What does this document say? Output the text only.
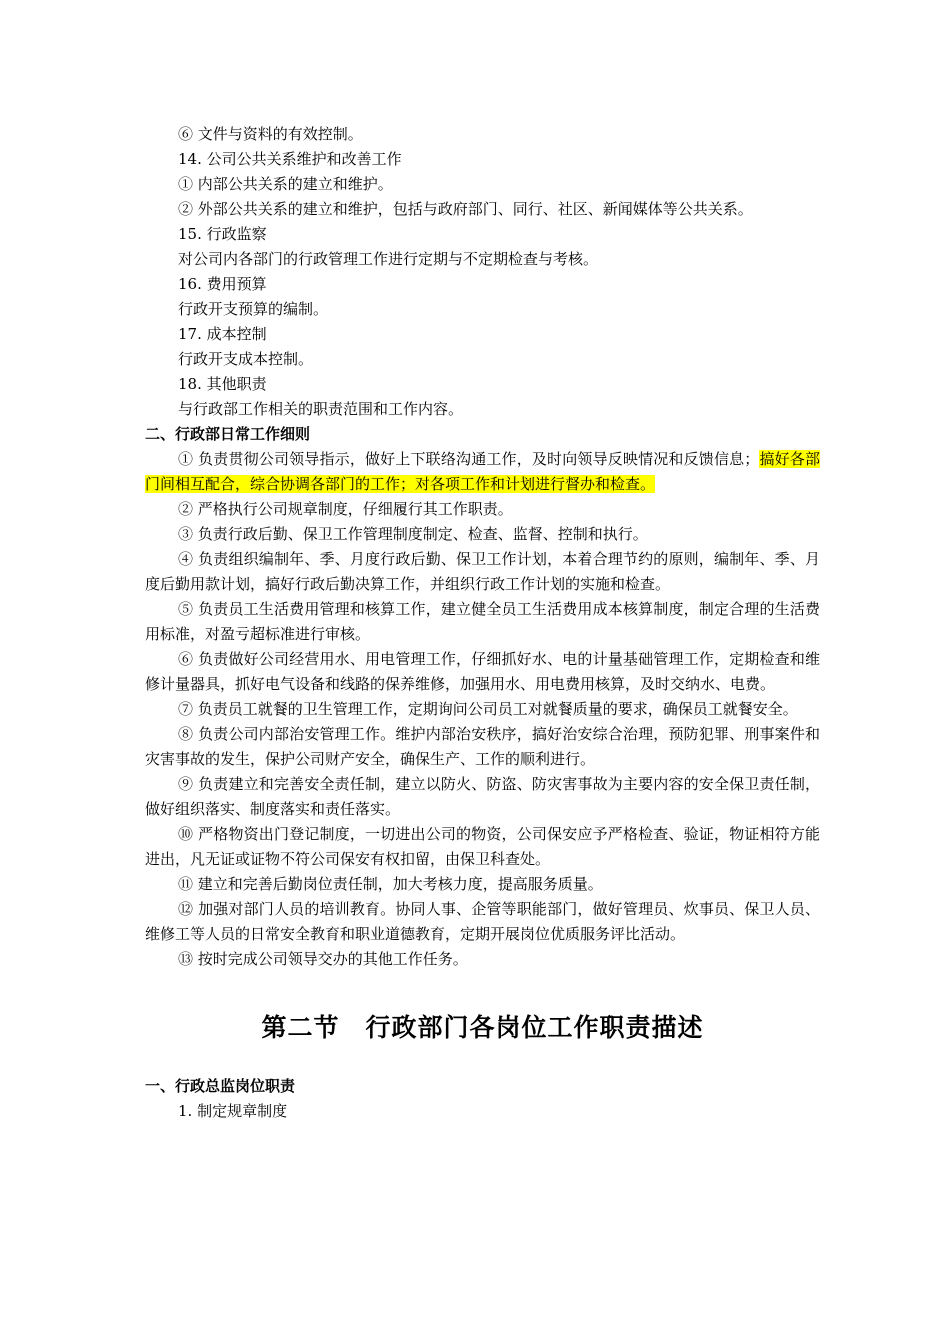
⑥ 文件与资料的有效控制。
14. 公司公共关系维护和改善工作
① 内部公共关系的建立和维护。
② 外部公共关系的建立和维护，包括与政府部门、同行、社区、新闻媒体等公共关系。
15. 行政监察
对公司内各部门的行政管理工作进行定期与不定期检查与考核。
16. 费用预算
行政开支预算的编制。
17. 成本控制
行政开支成本控制。
18. 其他职责
与行政部工作相关的职责范围和工作内容。
二、行政部日常工作细则
① 负责贯彻公司领导指示，做好上下联络沟通工作，及时向领导反映情况和反馈信息；搞好各部门间相互配合，综合协调各部门的工作；对各项工作和计划进行督办和检查。
② 严格执行公司规章制度，仔细履行其工作职责。
③ 负责行政后勤、保卫工作管理制度制定、检查、监督、控制和执行。
④ 负责组织编制年、季、月度行政后勤、保卫工作计划，本着合理节约的原则，编制年、季、月度后勤用款计划，搞好行政后勤决算工作，并组织行政工作计划的实施和检查。
⑤ 负责员工生活费用管理和核算工作，建立健全员工生活费用成本核算制度，制定合理的生活费用标准，对盈亏超标准进行审核。
⑥ 负责做好公司经营用水、用电管理工作，仔细抓好水、电的计量基础管理工作，定期检查和维修计量器具，抓好电气设备和线路的保养维修，加强用水、用电费用核算，及时交纳水、电费。
⑦ 负责员工就餐的卫生管理工作，定期询问公司员工对就餐质量的要求，确保员工就餐安全。
⑧ 负责公司内部治安管理工作。维护内部治安秩序，搞好治安综合治理，预防犯罪、刑事案件和灾害事故的发生，保护公司财产安全，确保生产、工作的顺利进行。
⑨ 负责建立和完善安全责任制，建立以防火、防盗、防灾害事故为主要内容的安全保卫责任制，做好组织落实、制度落实和责任落实。
⑩ 严格物资出门登记制度，一切进出公司的物资，公司保安应予严格检查、验证，物证相符方能进出，凡无证或证物不符公司保安有权扣留，由保卫科查处。
⑪ 建立和完善后勤岗位责任制，加大考核力度，提高服务质量。
⑫ 加强对部门人员的培训教育。协同人事、企管等职能部门，做好管理员、炊事员、保卫人员、维修工等人员的日常安全教育和职业道德教育，定期开展岗位优质服务评比活动。
⑬ 按时完成公司领导交办的其他工作任务。
第二节　行政部门各岗位工作职责描述
一、行政总监岗位职责
1. 制定规章制度
